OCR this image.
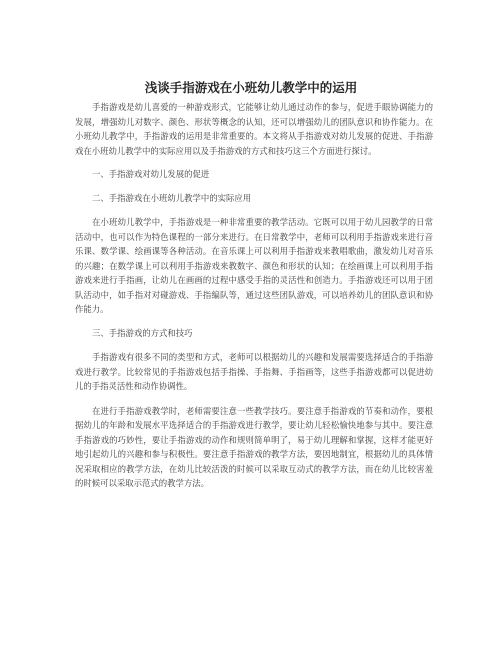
浅谈手指游戏在小班幼儿教学中的运用

手指游戏是幼儿喜爱的一种游戏形式，它能够让幼儿通过动作的参与，促进手眼协调能力的发展，增强幼儿对数字、颜色、形状等概念的认知，还可以增强幼儿的团队意识和协作能力。在小班幼儿教学中，手指游戏的运用是非常重要的。本文将从手指游戏对幼儿发展的促进、手指游戏在小班幼儿教学中的实际应用以及手指游戏的方式和技巧这三个方面进行探讨。

一、手指游戏对幼儿发展的促进

二、手指游戏在小班幼儿教学中的实际应用

在小班幼儿教学中，手指游戏是一种非常重要的教学活动。它既可以用于幼儿园教学的日常活动中，也可以作为特色课程的一部分来进行。在日常教学中，老师可以利用手指游戏来进行音乐课、数学课、绘画课等各种活动。在音乐课上可以利用手指游戏来教唱歌曲，激发幼儿对音乐的兴趣；在数学课上可以利用手指游戏来教数字、颜色和形状的认知；在绘画课上可以利用手指游戏来进行手指画，让幼儿在画画的过程中感受手指的灵活性和创造力。手指游戏还可以用于团队活动中，如手指对对碰游戏、手指编队等，通过这些团队游戏，可以培养幼儿的团队意识和协作能力。

三、手指游戏的方式和技巧

手指游戏有很多不同的类型和方式，老师可以根据幼儿的兴趣和发展需要选择适合的手指游戏进行教学。比较常见的手指游戏包括手指操、手指舞、手指画等，这些手指游戏都可以促进幼儿的手指灵活性和动作协调性。

在进行手指游戏教学时，老师需要注意一些教学技巧。要注意手指游戏的节奏和动作，要根据幼儿的年龄和发展水平选择适合的手指游戏进行教学，要让幼儿轻松愉快地参与其中。要注意手指游戏的巧妙性，要让手指游戏的动作和规则简单明了，易于幼儿理解和掌握，这样才能更好地引起幼儿的兴趣和参与积极性。要注意手指游戏的教学方法，要因地制宜，根据幼儿的具体情况采取相应的教学方法，在幼儿比较活泼的时候可以采取互动式的教学方法，而在幼儿比较害羞的时候可以采取示范式的教学方法。
